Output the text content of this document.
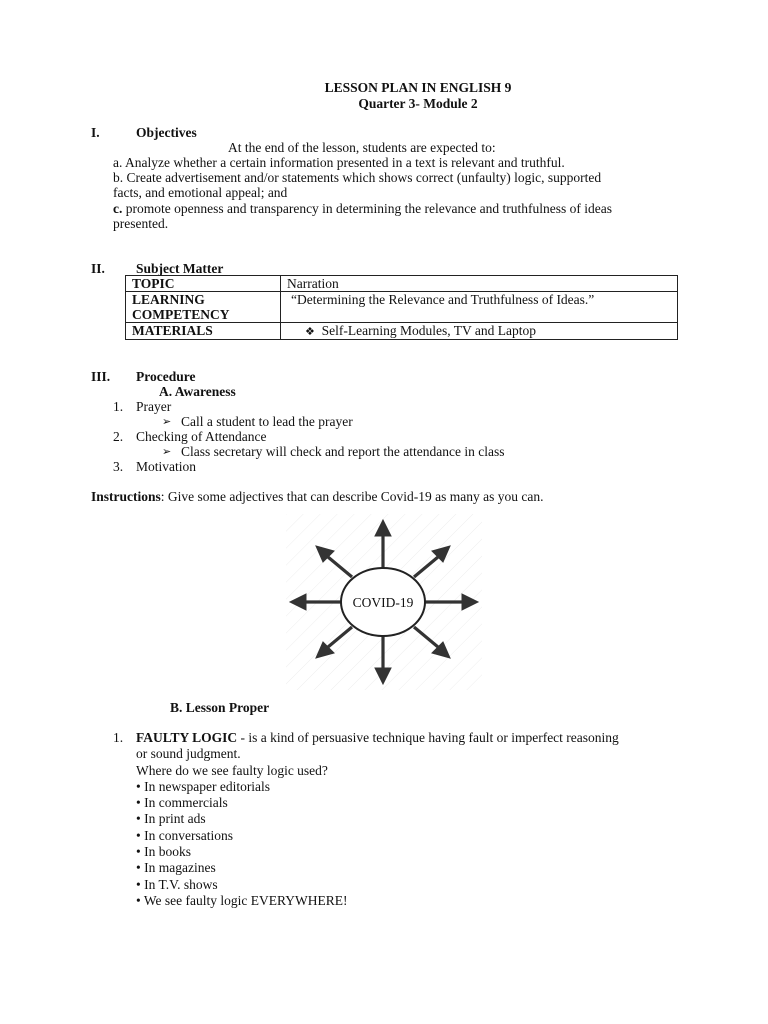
LESSON PLAN IN ENGLISH 9
Quarter 3- Module 2
I.	Objectives
At the end of the lesson, students are expected to:
a. Analyze whether a certain information presented in a text is relevant and truthful.
b. Create advertisement and/or statements which shows correct (unfaulty) logic, supported
facts, and emotional appeal; and
c. promote openness and transparency in determining the relevance and truthfulness of ideas
presented.
II. Subject Matter
TOPIC	Narration
LEARNING COMPETENCY	“Determining the Relevance and Truthfulness of Ideas.”
MATERIALS	❖ Self-Learning Modules, TV and Laptop
III. Procedure
A. Awareness
1. Prayer
➢ Call a student to lead the prayer
2. Checking of Attendance
➢ Class secretary will check and report the attendance in class
3. Motivation
Instructions: Give some adjectives that can describe Covid-19 as many as you can.
COVID-19
B. Lesson Proper
1. FAULTY LOGIC - is a kind of persuasive technique having fault or imperfect reasoning
or sound judgment.
Where do we see faulty logic used?
• In newspaper editorials
• In commercials
• In print ads
• In conversations
• In books
• In magazines
• In T.V. shows
• We see faulty logic EVERYWHERE!
